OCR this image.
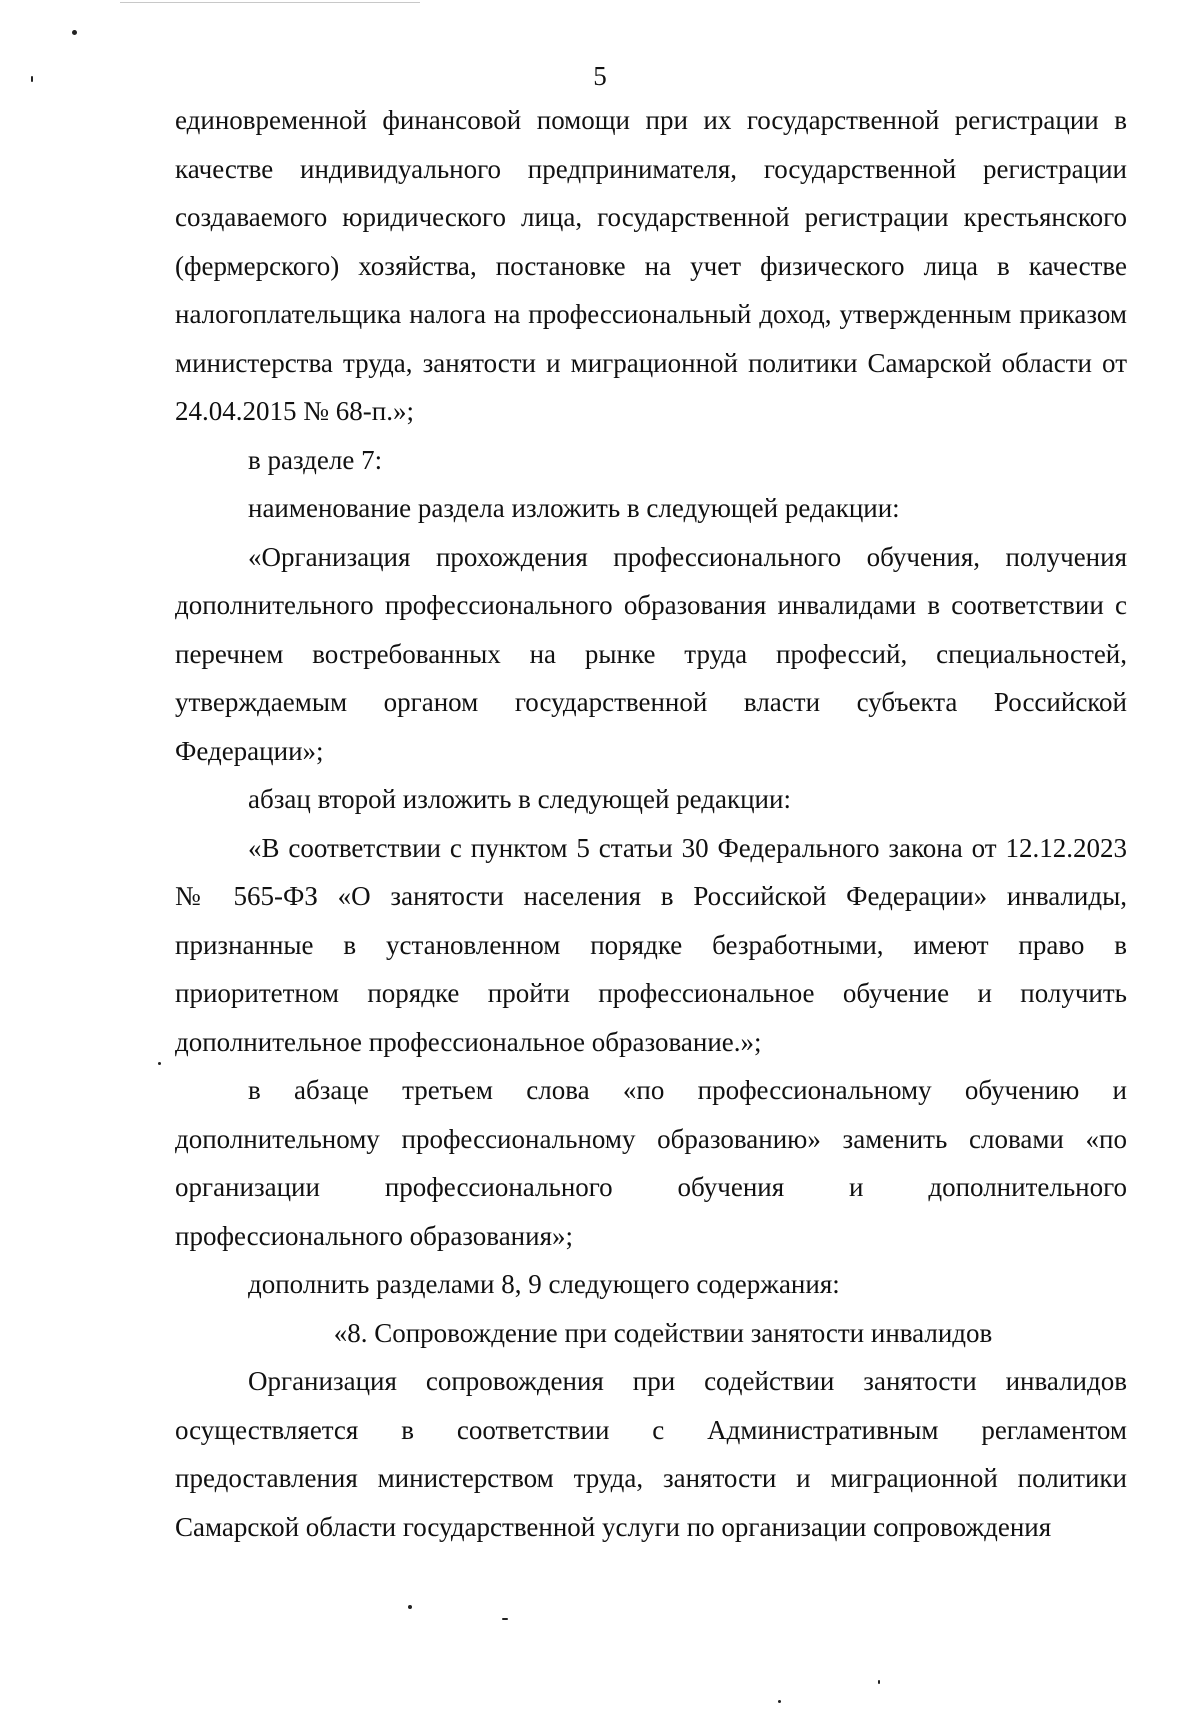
5

единовременной финансовой помощи при их государственной регистрации в качестве индивидуального предпринимателя, государственной регистрации создаваемого юридического лица, государственной регистрации крестьянского (фермерского) хозяйства, постановке на учет физического лица в качестве налогоплательщика налога на профессиональный доход, утвержденным приказом министерства труда, занятости и миграционной политики Самарской области от 24.04.2015 № 68-п.»;

в разделе 7:

наименование раздела изложить в следующей редакции:

«Организация прохождения профессионального обучения, получения дополнительного профессионального образования инвалидами в соответствии с перечнем востребованных на рынке труда профессий, специальностей, утверждаемым органом государственной власти субъекта Российской Федерации»;

абзац второй изложить в следующей редакции:

«В соответствии с пунктом 5 статьи 30 Федерального закона от 12.12.2023 № 565-ФЗ «О занятости населения в Российской Федерации» инвалиды, признанные в установленном порядке безработными, имеют право в приоритетном порядке пройти профессиональное обучение и получить дополнительное профессиональное образование.»;

в абзаце третьем слова «по профессиональному обучению и дополнительному профессиональному образованию» заменить словами «по организации профессионального обучения и дополнительного профессионального образования»;

дополнить разделами 8, 9 следующего содержания:

«8. Сопровождение при содействии занятости инвалидов

Организация сопровождения при содействии занятости инвалидов осуществляется в соответствии с Административным регламентом предоставления министерством труда, занятости и миграционной политики Самарской области государственной услуги по организации сопровождения
